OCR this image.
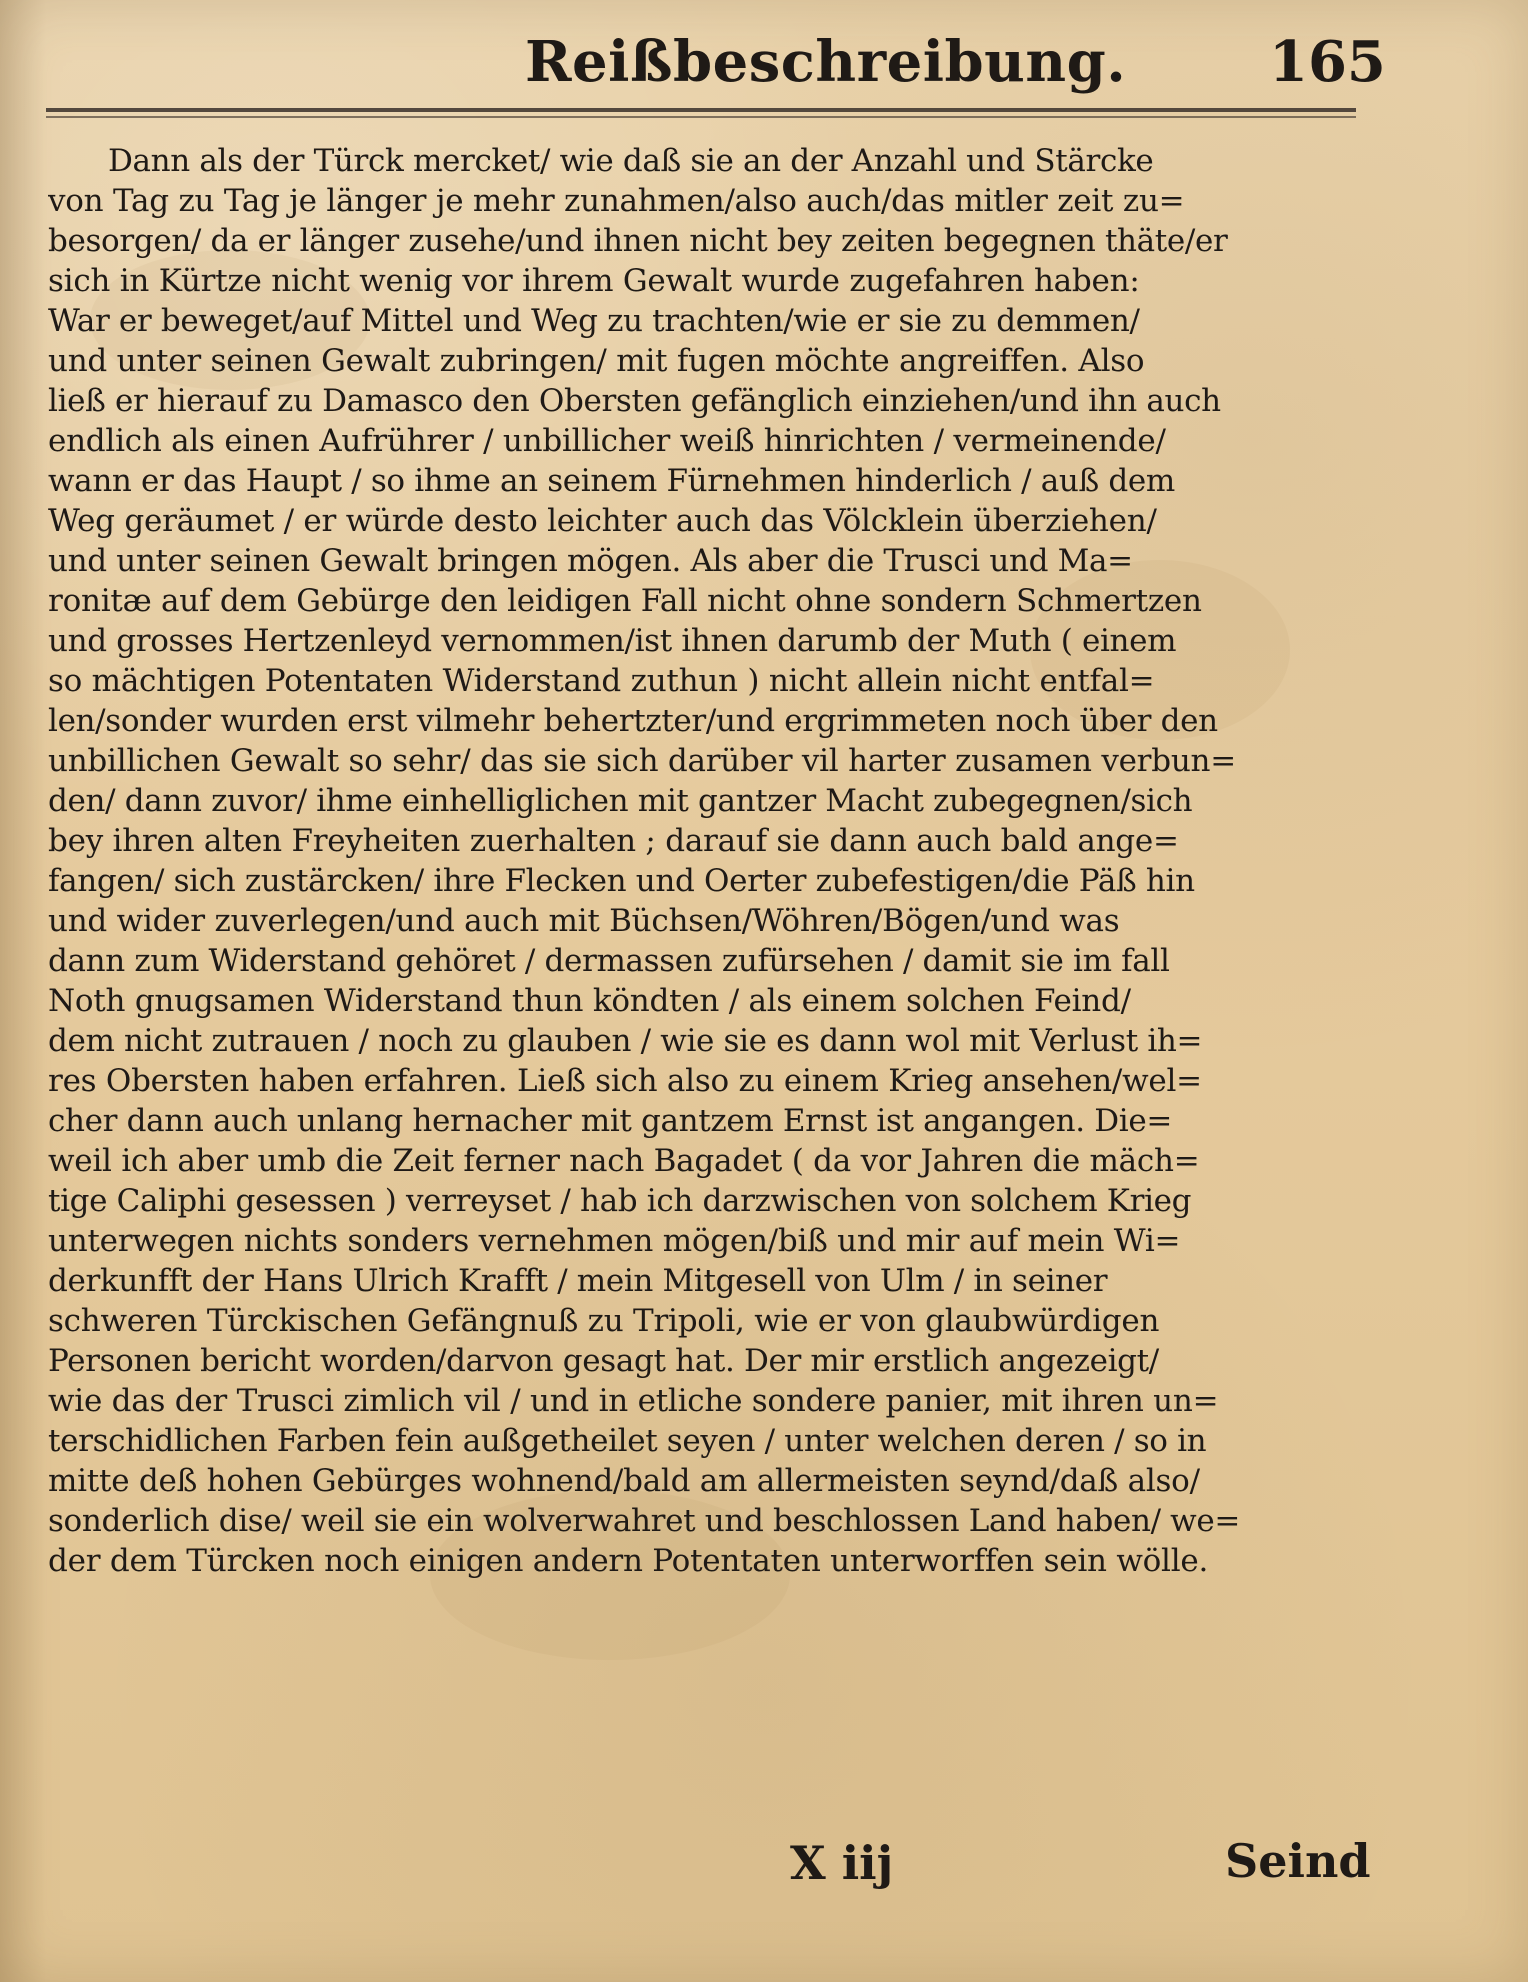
Reißbeschreibung.	165
Dann als der Türck mercket/ wie daß sie an der Anzahl und Stärcke
von Tag zu Tag je länger je mehr zunahmen/also auch/das mitler zeit zu=
besorgen/ da er länger zusehe/und ihnen nicht bey zeiten begegnen thäte/er
sich in Kürtze nicht wenig vor ihrem Gewalt wurde zugefahren haben:
War er beweget/auf Mittel und Weg zu trachten/wie er sie zu demmen/
und unter seinen Gewalt zubringen/ mit fugen möchte angreiffen. Also
ließ er hierauf zu Damasco den Obersten gefänglich einziehen/und ihn auch
endlich als einen Aufrührer / unbillicher weiß hinrichten / vermeinende/
wann er das Haupt / so ihme an seinem Fürnehmen hinderlich / auß dem
Weg geräumet / er würde desto leichter auch das Völcklein überziehen/
und unter seinen Gewalt bringen mögen. Als aber die Trusci und Ma=
ronitæ auf dem Gebürge den leidigen Fall nicht ohne sondern Schmertzen
und grosses Hertzenleyd vernommen/ist ihnen darumb der Muth ( einem
so mächtigen Potentaten Widerstand zuthun ) nicht allein nicht entfal=
len/sonder wurden erst vilmehr behertzter/und ergrimmeten noch über den
unbillichen Gewalt so sehr/ das sie sich darüber vil harter zusamen verbun=
den/ dann zuvor/ ihme einhelliglichen mit gantzer Macht zubegegnen/sich
bey ihren alten Freyheiten zuerhalten ; darauf sie dann auch bald ange=
fangen/ sich zustärcken/ ihre Flecken und Oerter zubefestigen/die Päß hin
und wider zuverlegen/und auch mit Büchsen/Wöhren/Bögen/und was
dann zum Widerstand gehöret / dermassen zufürsehen / damit sie im fall
Noth gnugsamen Widerstand thun köndten / als einem solchen Feind/
dem nicht zutrauen / noch zu glauben / wie sie es dann wol mit Verlust ih=
res Obersten haben erfahren. Ließ sich also zu einem Krieg ansehen/wel=
cher dann auch unlang hernacher mit gantzem Ernst ist angangen. Die=
weil ich aber umb die Zeit ferner nach Bagadet ( da vor Jahren die mäch=
tige Caliphi gesessen ) verreyset / hab ich darzwischen von solchem Krieg
unterwegen nichts sonders vernehmen mögen/biß und mir auf mein Wi=
derkunfft der Hans Ulrich Krafft / mein Mitgesell von Ulm / in seiner
schweren Türckischen Gefängnuß zu Tripoli, wie er von glaubwürdigen
Personen bericht worden/darvon gesagt hat. Der mir erstlich angezeigt/
wie das der Trusci zimlich vil / und in etliche sondere panier, mit ihren un=
terschidlichen Farben fein außgetheilet seyen / unter welchen deren / so in
mitte deß hohen Gebürges wohnend/bald am allermeisten seynd/daß also/
sonderlich dise/ weil sie ein wolverwahret und beschlossen Land haben/ we=
der dem Türcken noch einigen andern Potentaten unterworffen sein wölle.
X iij	Seind
